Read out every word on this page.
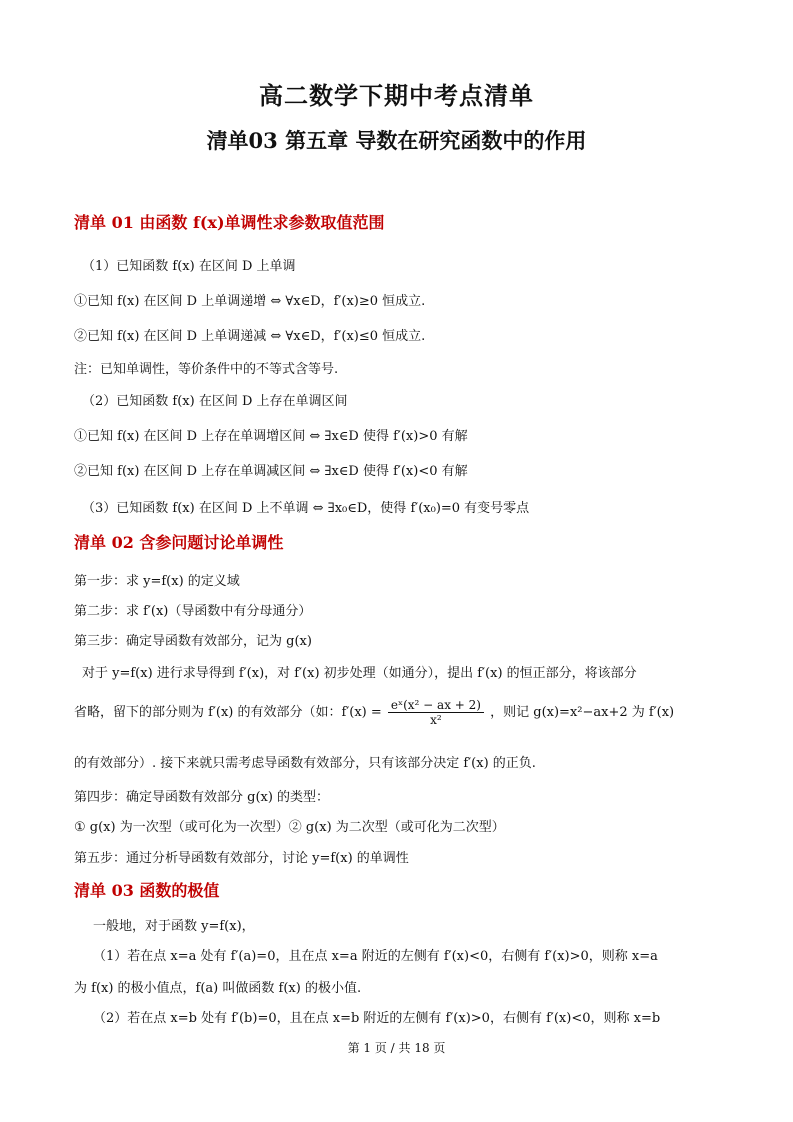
高二数学下期中考点清单
清单03 第五章 导数在研究函数中的作用
清单 01 由函数 f(x)单调性求参数取值范围
（1）已知函数 f(x) 在区间 D 上单调
①已知 f(x) 在区间 D 上单调递增 ⇔ ∀x∈D，f′(x)≥0 恒成立.
②已知 f(x) 在区间 D 上单调递减 ⇔ ∀x∈D，f′(x)≤0 恒成立.
注：已知单调性，等价条件中的不等式含等号.
（2）已知函数 f(x) 在区间 D 上存在单调区间
①已知 f(x) 在区间 D 上存在单调增区间 ⇔ ∃x∈D 使得 f′(x)>0 有解
②已知 f(x) 在区间 D 上存在单调减区间 ⇔ ∃x∈D 使得 f′(x)<0 有解
（3）已知函数 f(x) 在区间 D 上不单调 ⇔ ∃x₀∈D，使得 f′(x₀)=0 有变号零点
清单 02 含参问题讨论单调性
第一步：求 y=f(x) 的定义域
第二步：求 f′(x)（导函数中有分母通分）
第三步：确定导函数有效部分，记为 g(x)
对于 y=f(x) 进行求导得到 f′(x)，对 f′(x) 初步处理（如通分），提出 f′(x) 的恒正部分，将该部分
省略，留下的部分则为 f′(x) 的有效部分（如：$f'(x) = \frac{\text{eˣ(x² − ax + 2)}}{\text{x²}}$ ，则记 g(x)=x²−ax+2 为 f′(x)
的有效部分）. 接下来就只需考虑导函数有效部分，只有该部分决定 f′(x) 的正负.
第四步：确定导函数有效部分 g(x) 的类型：
① g(x) 为一次型（或可化为一次型）② g(x) 为二次型（或可化为二次型）
第五步：通过分析导函数有效部分，讨论 y=f(x) 的单调性
清单 03 函数的极值
一般地，对于函数 y=f(x)，
（1）若在点 x=a 处有 f′(a)=0，且在点 x=a 附近的左侧有 f′(x)<0，右侧有 f′(x)>0，则称 x=a
为 f(x) 的极小值点，f(a) 叫做函数 f(x) 的极小值.
（2）若在点 x=b 处有 f′(b)=0，且在点 x=b 附近的左侧有 f′(x)>0，右侧有 f′(x)<0，则称 x=b
第 1 页 / 共 18 页
